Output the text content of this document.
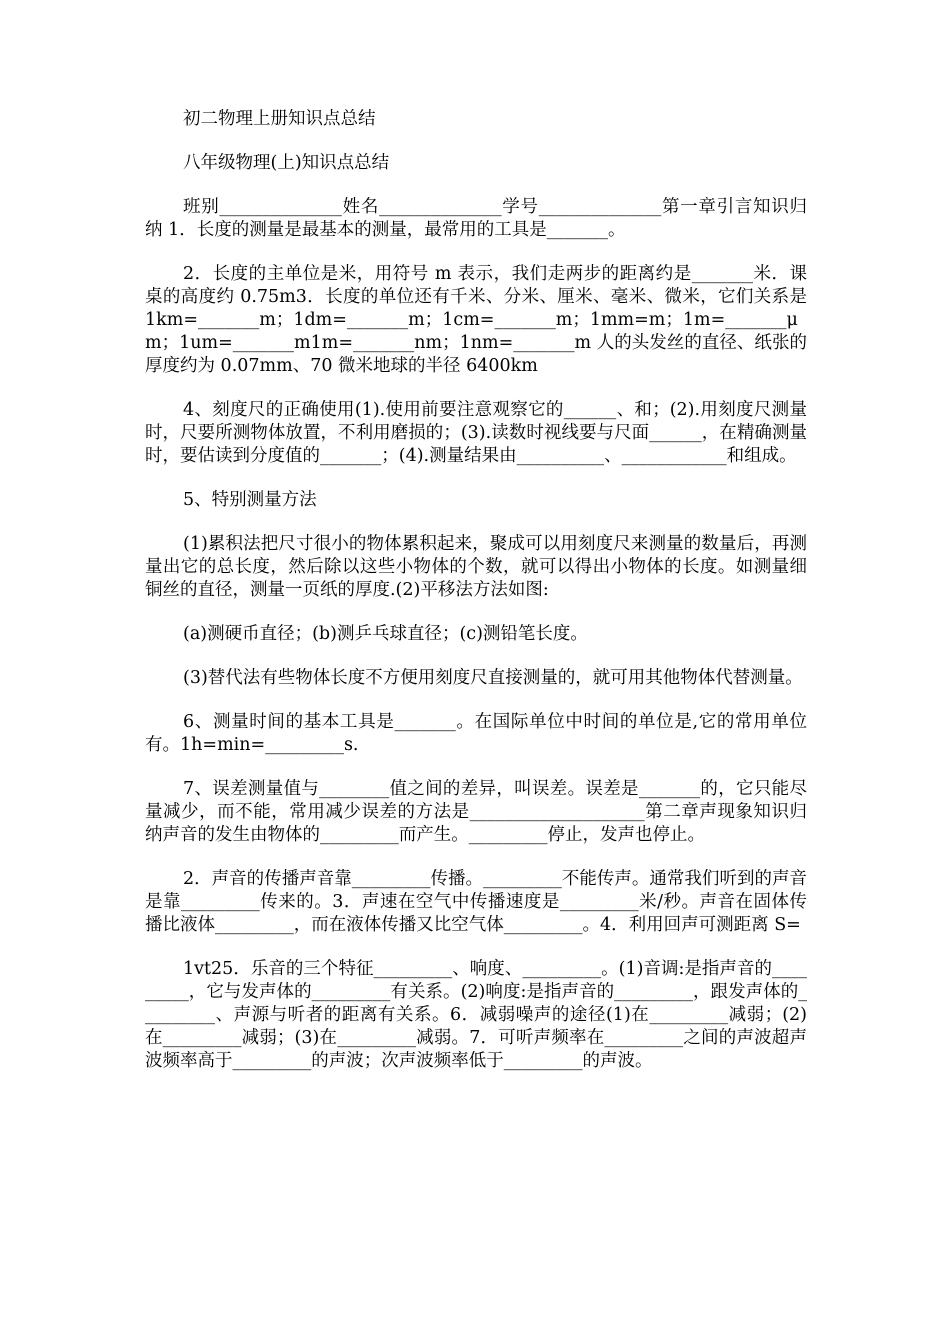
初二物理上册知识点总结

八年级物理(上)知识点总结

班别______________姓名______________学号______________第一章引言知识归纳 1．长度的测量是最基本的测量，最常用的工具是_______。

2．长度的主单位是米，用符号 m 表示，我们走两步的距离约是_______米．课桌的高度约 0.75m3．长度的单位还有千米、分米、厘米、毫米、微米，它们关系是 1km=_______m；1dm=_______m；1cm=_______m；1mm=m；1m=_______μm；1um=_______m1m=_______nm；1nm=_______m 人的头发丝的直径、纸张的厚度约为 0.07mm、70 微米地球的半径 6400km

4、刻度尺的正确使用(1).使用前要注意观察它的______、和；(2).用刻度尺测量时，尺要所测物体放置，不利用磨损的；(3).读数时视线要与尺面______，在精确测量时，要估读到分度值的_______；(4).测量结果由__________、____________和组成。

5、特别测量方法

(1)累积法把尺寸很小的物体累积起来，聚成可以用刻度尺来测量的数量后，再测量出它的总长度，然后除以这些小物体的个数，就可以得出小物体的长度。如测量细铜丝的直径，测量一页纸的厚度.(2)平移法方法如图:

(a)测硬币直径；(b)测乒乓球直径；(c)测铅笔长度。

(3)替代法有些物体长度不方便用刻度尺直接测量的，就可用其他物体代替测量。

6、测量时间的基本工具是_______。在国际单位中时间的单位是,它的常用单位有。1h=min=_________s.

7、误差测量值与________值之间的差异，叫误差。误差是_______的，它只能尽量减少，而不能，常用减少误差的方法是____________________第二章声现象知识归纳声音的发生由物体的_________而产生。_________停止，发声也停止。

2．声音的传播声音靠_________传播。_________不能传声。通常我们听到的声音是靠_________传来的。3．声速在空气中传播速度是_________米/秒。声音在固体传播比液体_________，而在液体传播又比空气体_________。4．利用回声可测距离 S=

1vt25．乐音的三个特征_________、响度、_________。(1)音调:是指声音的_________，它与发声体的_________有关系。(2)响度:是指声音的_________，跟发声体的_________、声源与听者的距离有关系。6．减弱噪声的途径(1)在_________减弱；(2)在_________减弱；(3)在_________减弱。7．可听声频率在_________之间的声波超声波频率高于_________的声波；次声波频率低于_________的声波。
